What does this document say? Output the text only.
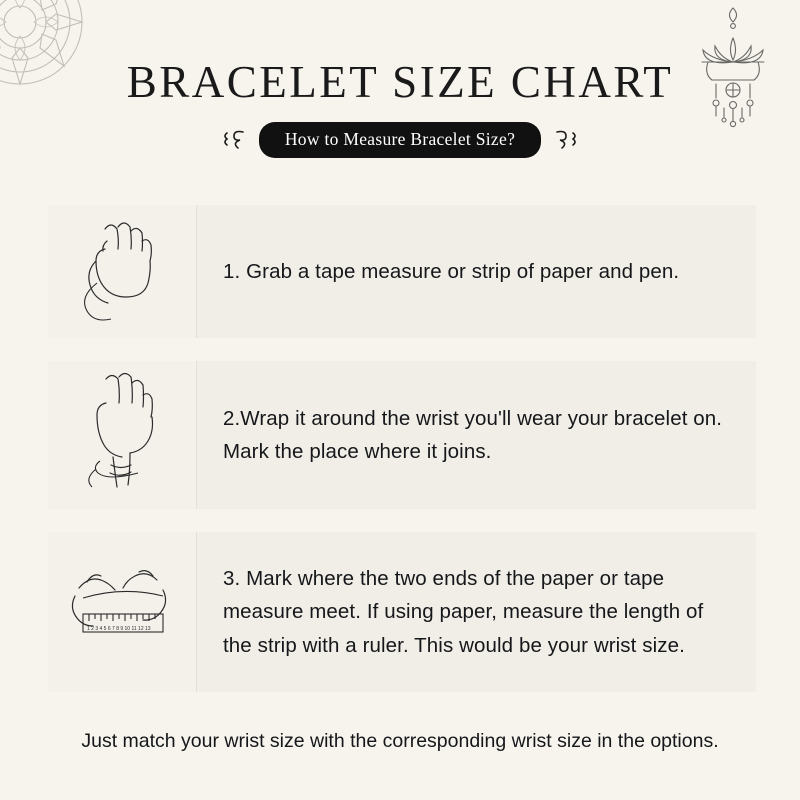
BRACELET SIZE CHART
How to Measure Bracelet Size?
1. Grab a tape measure or strip of paper and pen.
2.Wrap it around the wrist you'll wear your bracelet on. Mark the place where it joins.
1 2 3 4 5 6 7 8 9 10 11 12 13
3. Mark where the two ends of the paper or tape measure meet. If using paper, measure the length of the strip with a ruler. This would be your wrist size.
Just match your wrist size with the corresponding wrist size in the options.
